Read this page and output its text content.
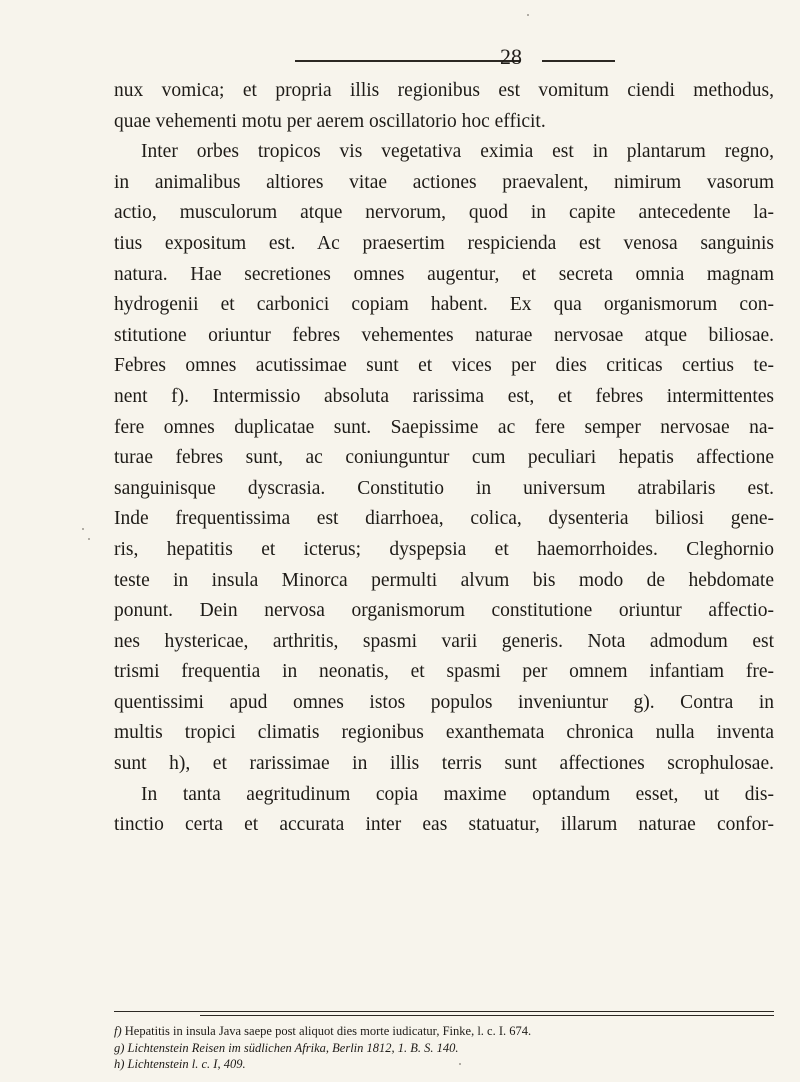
28
nux vomica; et propria illis regionibus est vomitum ciendi methodus,
quae vehementi motu per aerem oscillatorio hoc efficit.
Inter orbes tropicos vis vegetativa eximia est in plantarum regno,
in animalibus altiores vitae actiones praevalent, nimirum vasorum
actio, musculorum atque nervorum, quod in capite antecedente la-
tius expositum est. Ac praesertim respicienda est venosa sanguinis
natura. Hae secretiones omnes augentur, et secreta omnia magnam
hydrogenii et carbonici copiam habent. Ex qua organismorum con-
stitutione oriuntur febres vehementes naturae nervosae atque biliosae.
Febres omnes acutissimae sunt et vices per dies criticas certius te-
nent f). Intermissio absoluta rarissima est, et febres intermittentes
fere omnes duplicatae sunt. Saepissime ac fere semper nervosae na-
turae febres sunt, ac coniunguntur cum peculiari hepatis affectione
sanguinisque dyscrasia. Constitutio in universum atrabilaris est.
Inde frequentissima est diarrhoea, colica, dysenteria biliosi gene-
ris, hepatitis et icterus; dyspepsia et haemorrhoides. Cleghornio
teste in insula Minorca permulti alvum bis modo de hebdomate
ponunt. Dein nervosa organismorum constitutione oriuntur affectio-
nes hystericae, arthritis, spasmi varii generis. Nota admodum est
trismi frequentia in neonatis, et spasmi per omnem infantiam fre-
quentissimi apud omnes istos populos inveniuntur g). Contra in
multis tropici climatis regionibus exanthemata chronica nulla inventa
sunt h), et rarissimae in illis terris sunt affectiones scrophulosae.
In tanta aegritudinum copia maxime optandum esset, ut dis-
tinctio certa et accurata inter eas statuatur, illarum naturae confor-
f) Hepatitis in insula Java saepe post aliquot dies morte iudicatur, Finke, l. c. I. 674.
g) Lichtenstein Reisen im südlichen Afrika, Berlin 1812, 1. B. S. 140.
h) Lichtenstein l. c. I, 409.
